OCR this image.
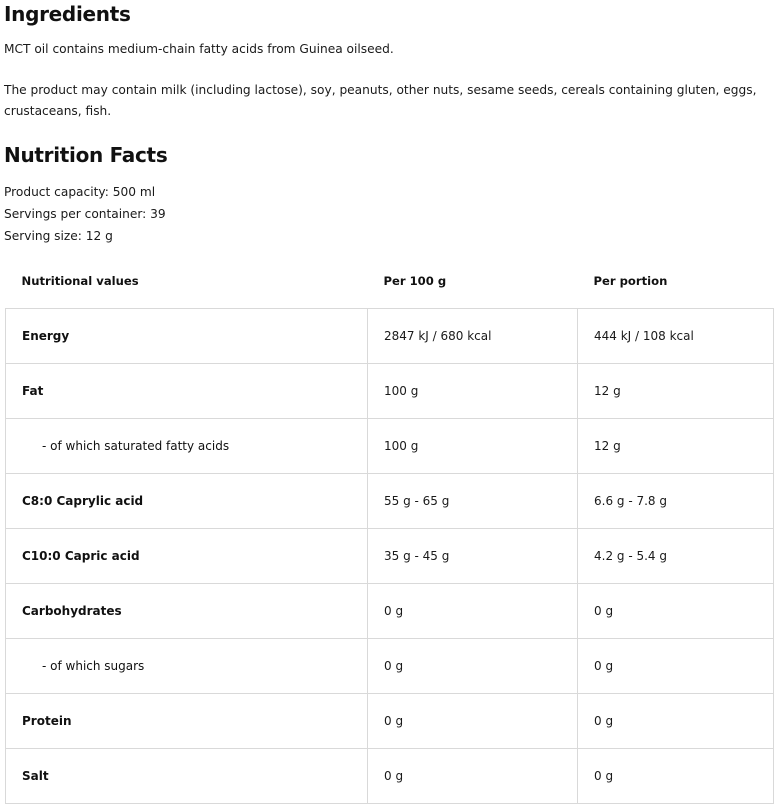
Ingredients

MCT oil contains medium-chain fatty acids from Guinea oilseed.

The product may contain milk (including lactose), soy, peanuts, other nuts, sesame seeds, cereals containing gluten, eggs, crustaceans, fish.

Nutrition Facts
Product capacity: 500 ml
Servings per container: 39
Serving size: 12 g
Nutritional values	Per 100 g	Per portion
Energy	2847 kJ / 680 kcal	444 kJ / 108 kcal
Fat	100 g	12 g
- of which saturated fatty acids	100 g	12 g
C8:0 Caprylic acid	55 g - 65 g	6.6 g - 7.8 g
C10:0 Capric acid	35 g - 45 g	4.2 g - 5.4 g
Carbohydrates	0 g	0 g
- of which sugars	0 g	0 g
Protein	0 g	0 g
Salt	0 g	0 g
